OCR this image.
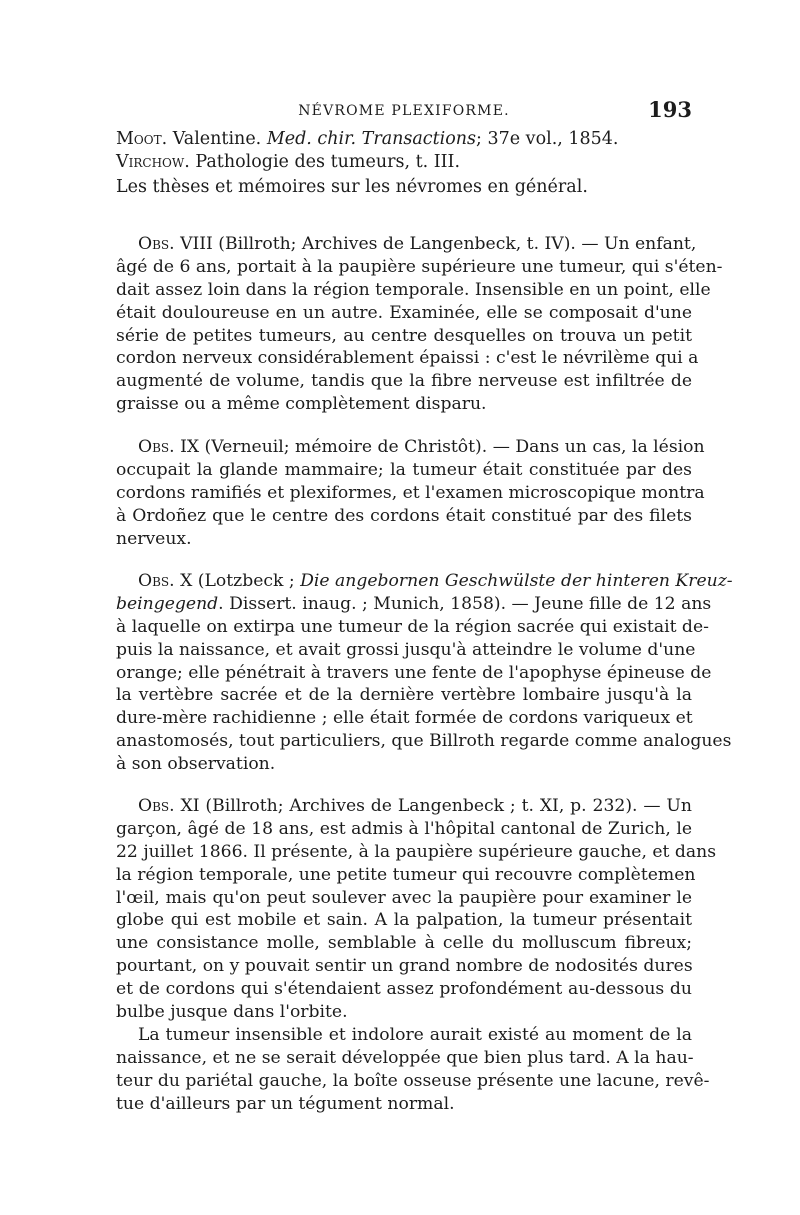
NÉVROME PLEXIFORME.	193
Moot. Valentine. Med. chir. Transactions; 37e vol., 1854.
Virchow. Pathologie des tumeurs, t. III.
Les thèses et mémoires sur les névromes en général.
Obs. VIII (Billroth; Archives de Langenbeck, t. IV). — Un enfant,
âgé de 6 ans, portait à la paupière supérieure une tumeur, qui s'éten-
dait assez loin dans la région temporale. Insensible en un point, elle
était douloureuse en un autre. Examinée, elle se composait d'une
série de petites tumeurs, au centre desquelles on trouva un petit
cordon nerveux considérablement épaissi : c'est le névrilème qui a
augmenté de volume, tandis que la fibre nerveuse est infiltrée de
graisse ou a même complètement disparu.
Obs. IX (Verneuil; mémoire de Christôt). — Dans un cas, la lésion
occupait la glande mammaire; la tumeur était constituée par des
cordons ramifiés et plexiformes, et l'examen microscopique montra
à Ordoñez que le centre des cordons était constitué par des filets
nerveux.
Obs. X (Lotzbeck ; Die angebornen Geschwülste der hinteren Kreuz-
beingegend. Dissert. inaug. ; Munich, 1858). — Jeune fille de 12 ans
à laquelle on extirpa une tumeur de la région sacrée qui existait de-
puis la naissance, et avait grossi jusqu'à atteindre le volume d'une
orange; elle pénétrait à travers une fente de l'apophyse épineuse de
la vertèbre sacrée et de la dernière vertèbre lombaire jusqu'à la
dure-mère rachidienne ; elle était formée de cordons variqueux et
anastomosés, tout particuliers, que Billroth regarde comme analogues
à son observation.
Obs. XI (Billroth; Archives de Langenbeck ; t. XI, p. 232). — Un
garçon, âgé de 18 ans, est admis à l'hôpital cantonal de Zurich, le
22 juillet 1866. Il présente, à la paupière supérieure gauche, et dans
la région temporale, une petite tumeur qui recouvre complètemen
l'œil, mais qu'on peut soulever avec la paupière pour examiner le
globe qui est mobile et sain. A la palpation, la tumeur présentait
une consistance molle, semblable à celle du molluscum fibreux;
pourtant, on y pouvait sentir un grand nombre de nodosités dures
et de cordons qui s'étendaient assez profondément au-dessous du
bulbe jusque dans l'orbite.
La tumeur insensible et indolore aurait existé au moment de la
naissance, et ne se serait développée que bien plus tard. A la hau-
teur du pariétal gauche, la boîte osseuse présente une lacune, revê-
tue d'ailleurs par un tégument normal.
